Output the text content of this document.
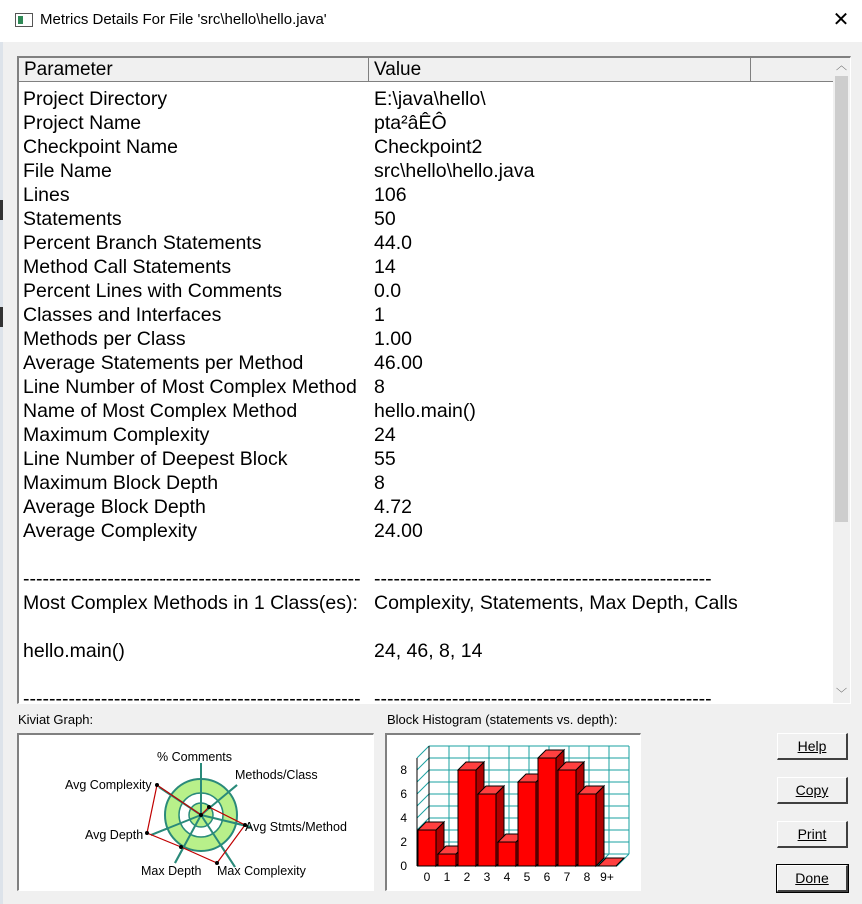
Metrics Details For File 'src\hello\hello.java'	✕
Parameter	Value
Project Directory	E:\java\hello\
Project Name	pta²âÊÔ
Checkpoint Name	Checkpoint2
File Name	src\hello\hello.java
Lines	106
Statements	50
Percent Branch Statements	44.0
Method Call Statements	14
Percent Lines with Comments	0.0
Classes and Interfaces	1
Methods per Class	1.00
Average Statements per Method	46.00
Line Number of Most Complex Method 8
Name of Most Complex Method	hello.main()
Maximum Complexity	24
Line Number of Deepest Block	55
Maximum Block Depth	8
Average Block Depth	4.72
Average Complexity	24.00
---------------------------------------------------- ----------------------------------------------------
Most Complex Methods in 1 Class(es): Complexity, Statements, Max Depth, Calls
hello.main()	24, 46, 8, 14
---------------------------------------------------- ----------------------------------------------------
︿
﹀
Kiviat Graph:
% Comments
Methods/Class
Avg Stmts/Method
Max Complexity
Max Depth
Avg Depth
Avg Complexity
Block Histogram (statements vs. depth):
0
2
4
6
8
0 1 2 3 4 5 6 7 8 9+
Help
Copy
Print
Done
